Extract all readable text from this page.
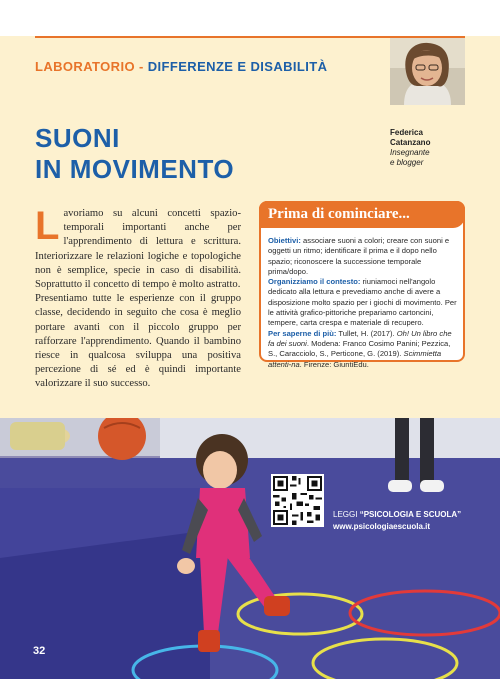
LABORATORIO - DIFFERENZE E DISABILITÀ
Federica
Catanzano
Insegnante
e blogger
SUONI
IN MOVIMENTO

Lavoriamo su alcuni concetti spazio-temporali importanti anche per l'apprendimento di lettura e scrittura. Interiorizzare le relazioni logiche e topologiche non è semplice, specie in caso di disabilità. Soprattutto il concetto di tempo è molto astratto.

Presentiamo tutte le esperienze con il gruppo classe, decidendo in seguito che cosa è meglio portare avanti con il piccolo gruppo per rafforzare l'apprendimento. Quando il bambino riesce in qualcosa sviluppa una positiva percezione di sé ed è quindi importante valorizzare il suo successo.

Prima di cominciare...
Obiettivi: associare suoni a colori; creare con suoni e oggetti un ritmo; identificare il prima e il dopo nello spazio; riconoscere la successione temporale prima/dopo.
Organizziamo il contesto: riuniamoci nell'angolo dedicato alla lettura e prevediamo anche di avere a disposizione molto spazio per i giochi di movimento. Per le attività grafico-pittoriche prepariamo cartoncini, tempere, carta crespa e materiale di recupero.
Per saperne di più: Tullet, H. (2017). Oh! Un libro che fa dei suoni. Modena: Franco Cosimo Panini; Pezzica, S., Caracciolo, S., Perticone, G. (2019). Scimmietta attenti-na. Firenze: GiuntiEdu.
LEGGI “PSICOLOGIA E SCUOLA”
www.psicologiaescuola.it
32
